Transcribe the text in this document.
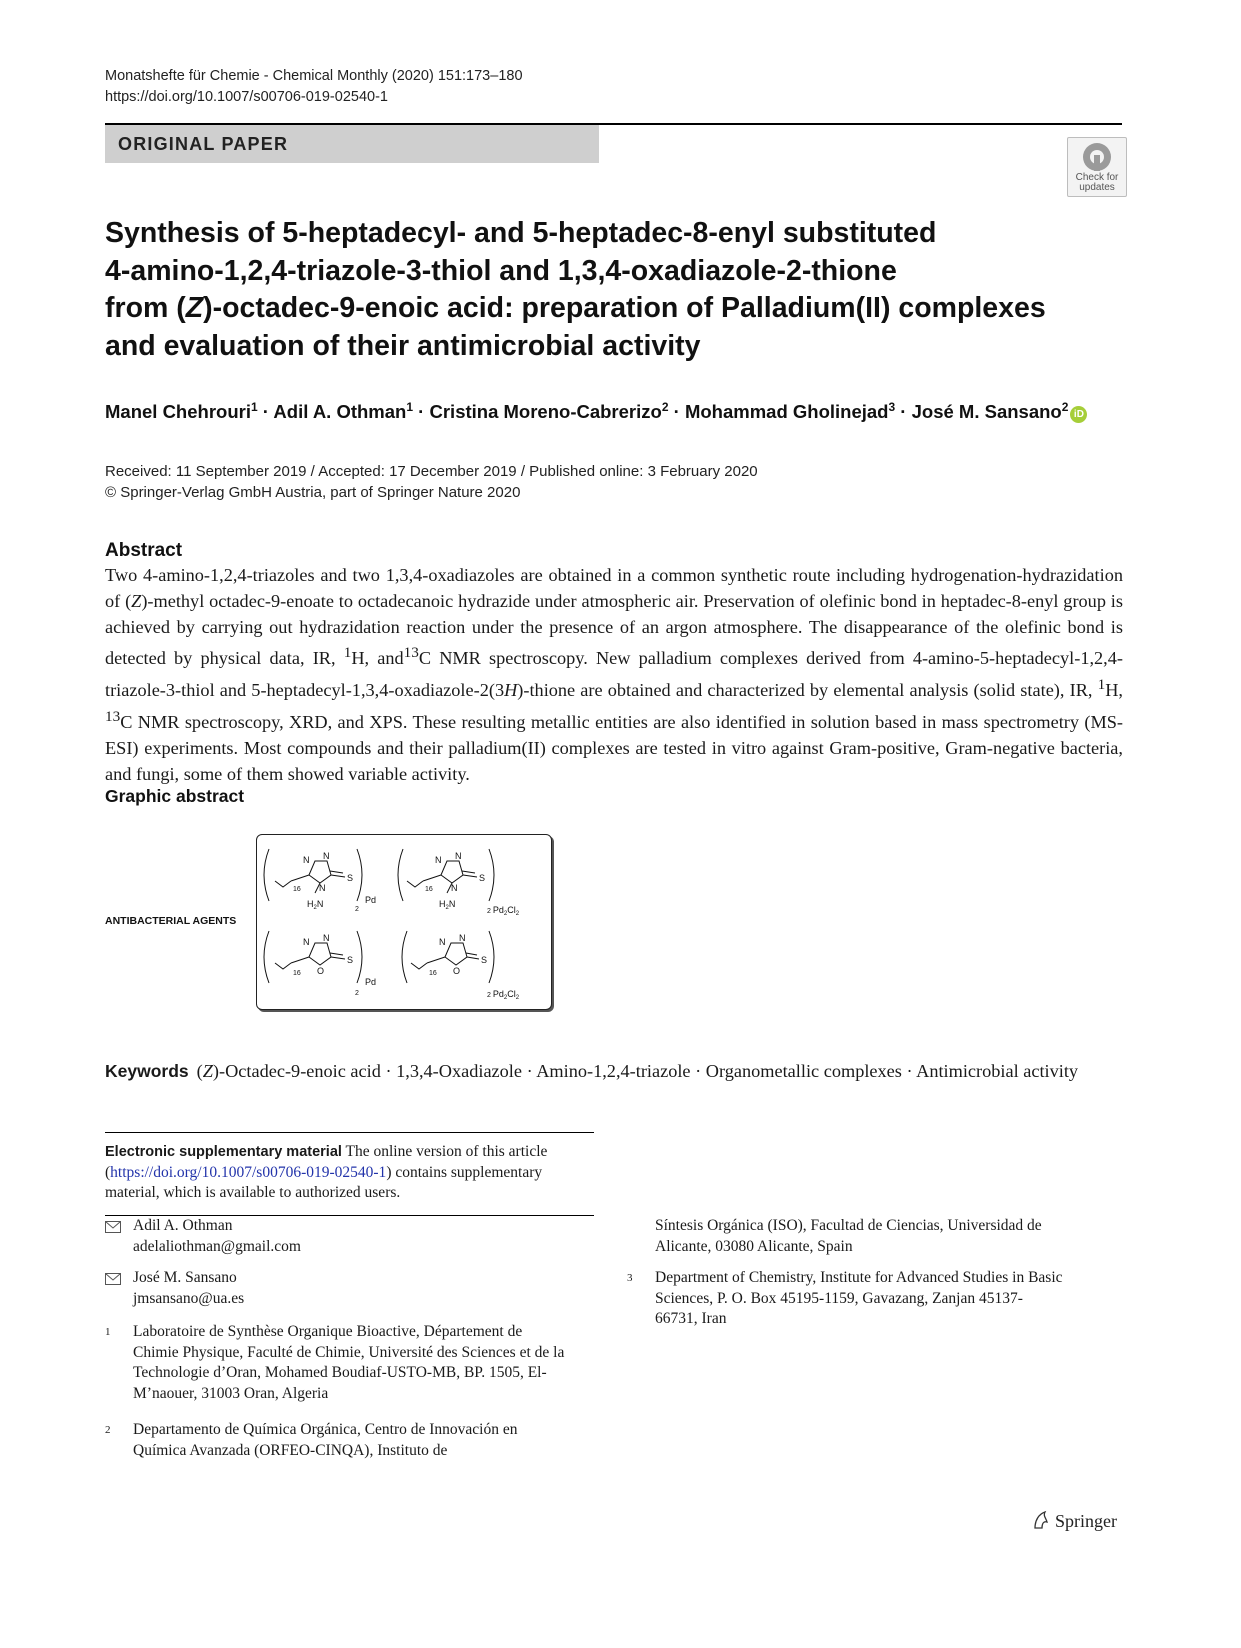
Monatshefte für Chemie - Chemical Monthly (2020) 151:173–180
https://doi.org/10.1007/s00706-019-02540-1
ORIGINAL PAPER
Check for
updates
Synthesis of 5-heptadecyl- and 5-heptadec-8-enyl substituted
4-amino-1,2,4-triazole-3-thiol and 1,3,4-oxadiazole-2-thione
from (Z)-octadec-9-enoic acid: preparation of Palladium(II) complexes
and evaluation of their antimicrobial activity
Manel Chehrouri$^1$ · Adil A. Othman$^1$ · Cristina Moreno-Cabrerizo$^2$ · Mohammad Gholinejad$^3$ · José M. Sansano$^2$iD
Received: 11 September 2019 / Accepted: 17 December 2019 / Published online: 3 February 2020
© Springer-Verlag GmbH Austria, part of Springer Nature 2020
Abstract
Two 4-amino-1,2,4-triazoles and two 1,3,4-oxadiazoles are obtained in a common synthetic route including hydrogenation-hydrazidation of (Z)-methyl octadec-9-enoate to octadecanoic hydrazide under atmospheric air. Preservation of olefinic bond in heptadec-8-enyl group is achieved by carrying out hydrazidation reaction under the presence of an argon atmosphere. The disappearance of the olefinic bond is detected by physical data, IR, $^1$H, and$^{13}$C NMR spectroscopy. New palladium complexes derived from 4-amino-5-heptadecyl-1,2,4-triazole-3-thiol and 5-heptadecyl-1,3,4-oxadiazole-2(3H)-thione are obtained and characterized by elemental analysis (solid state), IR, $^1$H, $^{13}$C NMR spectroscopy, XRD, and XPS. These resulting metallic entities are also identified in solution based in mass spectrometry (MS-ESI) experiments. Most compounds and their palladium(II) complexes are tested in vitro against Gram-positive, Gram-negative bacteria, and fungi, some of them showed variable activity.
Graphic abstract
ANTIBACTERIAL AGENTS
N N
N
S
$H_2N$
16
2
Pd
N N
N
S
$H_2N$
16
2 $Pd_2Cl_2$
N N
O
S
16
2
Pd
N N
O
S
16
2 $Pd_2Cl_2$
Keywords (Z)-Octadec-9-enoic acid · 1,3,4-Oxadiazole · Amino-1,2,4-triazole · Organometallic complexes · Antimicrobial activity
Electronic supplementary material The online version of this article (https://doi.org/10.1007/s00706-019-02540-1) contains supplementary material, which is available to authorized users.
Adil A. Othman
adelaliothman@gmail.com
José M. Sansano
jmsansano@ua.es
1 Laboratoire de Synthèse Organique Bioactive, Département de Chimie Physique, Faculté de Chimie, Université des Sciences et de la Technologie d’Oran, Mohamed Boudiaf-USTO-MB, BP. 1505, El-M’naouer, 31003 Oran, Algeria
2 Departamento de Química Orgánica, Centro de Innovación en Química Avanzada (ORFEO-CINQA), Instituto de
Síntesis Orgánica (ISO), Facultad de Ciencias, Universidad de Alicante, 03080 Alicante, Spain
3 Department of Chemistry, Institute for Advanced Studies in Basic Sciences, P. O. Box 45195-1159, Gavazang, Zanjan 45137-66731, Iran
Springer
